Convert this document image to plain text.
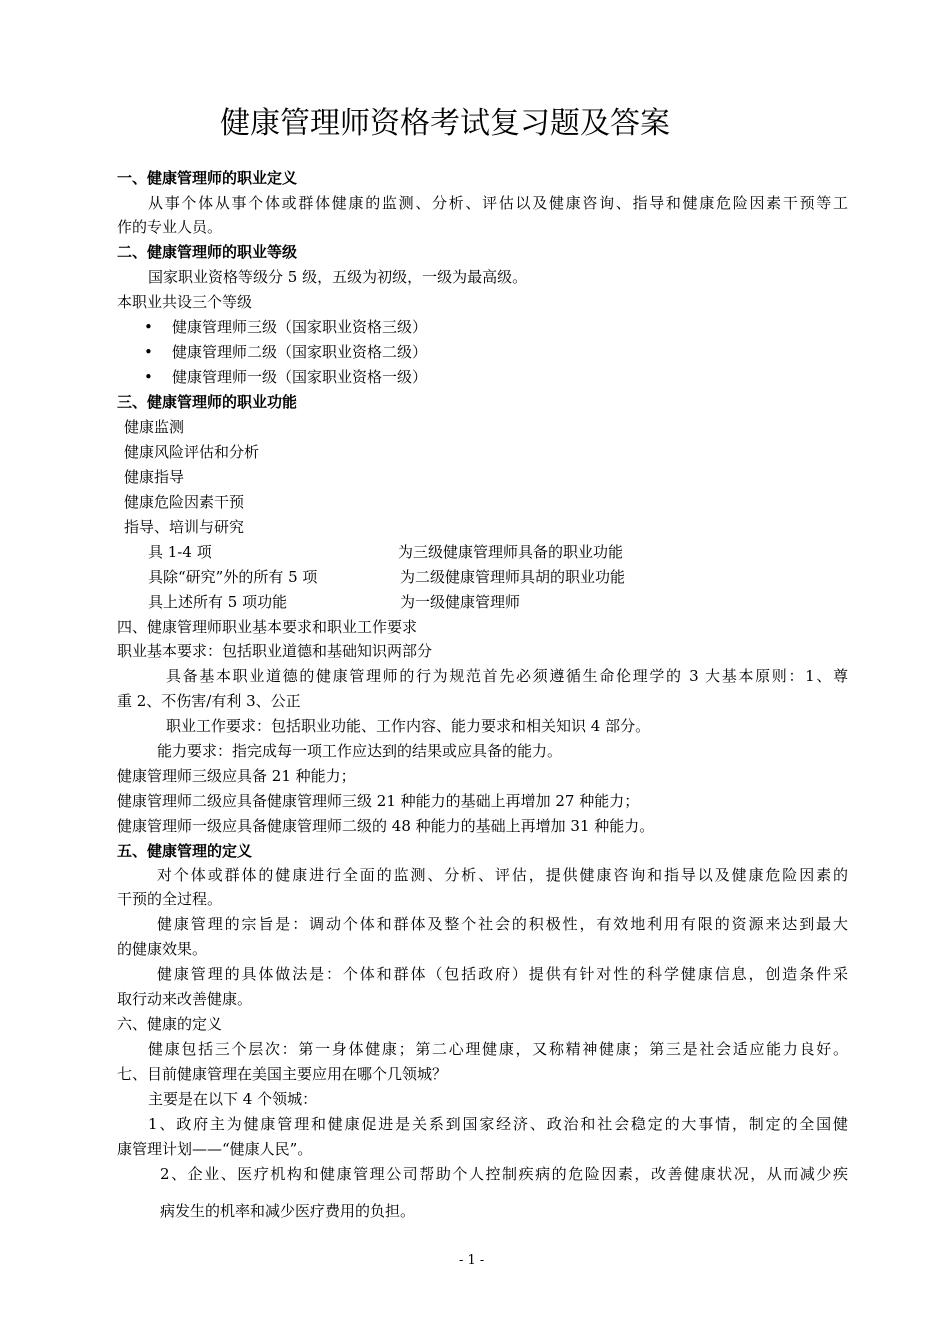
健康管理师资格考试复习题及答案
一、健康管理师的职业定义
从事个体从事个体或群体健康的监测、分析、评估以及健康咨询、指导和健康危险因素干预等工
作的专业人员。
二、健康管理师的职业等级
国家职业资格等级分 5 级，五级为初级，一级为最高级。
本职业共设三个等级
• 健康管理师三级（国家职业资格三级）
• 健康管理师二级（国家职业资格二级）
• 健康管理师一级（国家职业资格一级）
三、健康管理师的职业功能
健康监测
健康风险评估和分析
健康指导
健康危险因素干预
指导、培训与研究
具 1-4 项	为三级健康管理师具备的职业功能
具除“研究”外的所有 5 项	为二级健康管理师具胡的职业功能
具上述所有 5 项功能	为一级健康管理师
四、健康管理师职业基本要求和职业工作要求
职业基本要求：包括职业道德和基础知识两部分
具备基本职业道德的健康管理师的行为规范首先必须遵循生命伦理学的 3 大基本原则：1、尊
重 2、不伤害/有利 3、公正
职业工作要求：包括职业功能、工作内容、能力要求和相关知识 4 部分。
能力要求：指完成每一项工作应达到的结果或应具备的能力。
健康管理师三级应具备 21 种能力；
健康管理师二级应具备健康管理师三级 21 种能力的基础上再增加 27 种能力；
健康管理师一级应具备健康管理师二级的 48 种能力的基础上再增加 31 种能力。
五、健康管理的定义
对个体或群体的健康进行全面的监测、分析、评估，提供健康咨询和指导以及健康危险因素的
干预的全过程。
健康管理的宗旨是：调动个体和群体及整个社会的积极性，有效地利用有限的资源来达到最大
的健康效果。
健康管理的具体做法是：个体和群体（包括政府）提供有针对性的科学健康信息，创造条件采
取行动来改善健康。
六、健康的定义
健康包括三个层次：第一身体健康；第二心理健康，又称精神健康；第三是社会适应能力良好。
七、目前健康管理在美国主要应用在哪个几领城？
主要是在以下 4 个领城：
1、政府主为健康管理和健康促进是关系到国家经济、政治和社会稳定的大事情，制定的全国健
康管理计划——“健康人民”。
2、企业、医疗机构和健康管理公司帮助个人控制疾病的危险因素，改善健康状况，从而减少疾
病发生的机率和减少医疗费用的负担。
- 1 -
